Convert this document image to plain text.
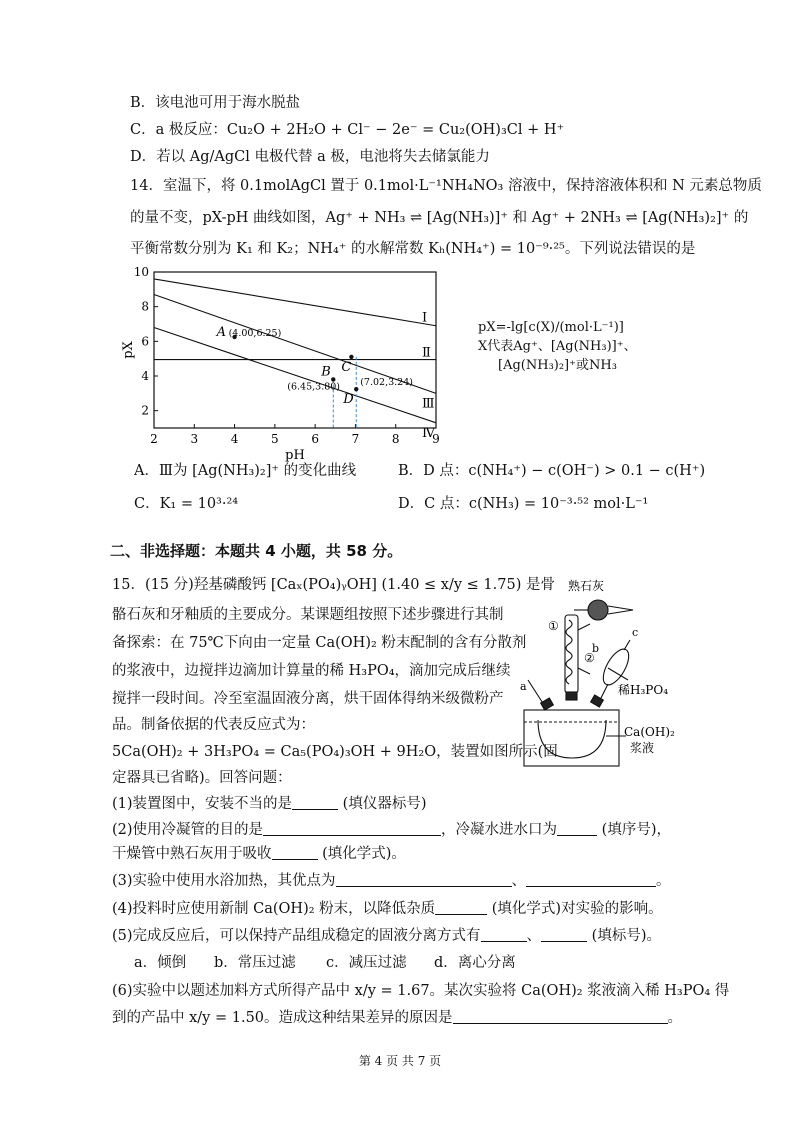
B．该电池可用于海水脱盐
C．a 极反应：Cu₂O + 2H₂O + Cl⁻ − 2e⁻ = Cu₂(OH)₃Cl + H⁺
D．若以 Ag/AgCl 电极代替 a 极，电池将失去储氯能力
14．室温下，将 0.1molAgCl 置于 0.1mol·L⁻¹NH₄NO₃ 溶液中，保持溶液体积和 N 元素总物质
的量不变，pX-pH 曲线如图，Ag⁺ + NH₃ ⇌ [Ag(NH₃)]⁺ 和 Ag⁺ + 2NH₃ ⇌ [Ag(NH₃)₂]⁺ 的
平衡常数分别为 K₁ 和 K₂；NH₄⁺ 的水解常数 Kₕ(NH₄⁺) = 10⁻⁹·²⁵。下列说法错误的是
2	3	4	5	6	7	8	9
2
4
6
8
10
pH
pX
Ⅰ
Ⅱ
Ⅲ
Ⅳ
A (4.00,6.25)
B
(6.45,3.80)
C
D
(7.02,3.24)
pX=-lg[c(X)/(mol·L⁻¹)]
X代表Ag⁺、[Ag(NH₃)]⁺、
[Ag(NH₃)₂]⁺或NH₃
A．Ⅲ为 [Ag(NH₃)₂]⁺ 的变化曲线	B．D 点：c(NH₄⁺) − c(OH⁻) > 0.1 − c(H⁺)
C．K₁ = 10³·²⁴	D．C 点：c(NH₃) = 10⁻³·⁵² mol·L⁻¹
二、非选择题：本题共 4 小题，共 58 分。
15．(15 分)羟基磷酸钙 [Caₓ(PO₄)ᵧOH] (1.40 ≤ x/y ≤ 1.75) 是骨
骼石灰和牙釉质的主要成分。某课题组按照下述步骤进行其制
备探索：在 75℃下向由一定量 Ca(OH)₂ 粉末配制的含有分散剂
的浆液中，边搅拌边滴加计算量的稀 H₃PO₄，滴加完成后继续
搅拌一段时间。冷至室温固液分离，烘干固体得纳米级微粉产
品。制备依据的代表反应式为：
5Ca(OH)₂ + 3H₃PO₄ = Ca₅(PO₄)₃OH + 9H₂O，装置如图所示(固
定器具已省略)。回答问题：
(1)装置图中，安装不当的是	(填仪器标号)
(2)使用冷凝管的目的是	，冷凝水进水口为	(填序号)，
干燥管中熟石灰用于吸收	(填化学式)。
(3)实验中使用水浴加热，其优点为	、	。
(4)投料时应使用新制 Ca(OH)₂ 粉末，以降低杂质	(填化学式)对实验的影响。
(5)完成反应后，可以保持产品组成稳定的固液分离方式有	、	(填标号)。
a．倾倒 b．常压过滤 c．减压过滤 d．离心分离
(6)实验中以题述加料方式所得产品中 x/y = 1.67。某次实验将 Ca(OH)₂ 浆液滴入稀 H₃PO₄ 得
到的产品中 x/y = 1.50。造成这种结果差异的原因是	。
熟石灰
①
②
a
b
c
稀H₃PO₄
Ca(OH)₂
浆液
第 4 页 共 7 页
